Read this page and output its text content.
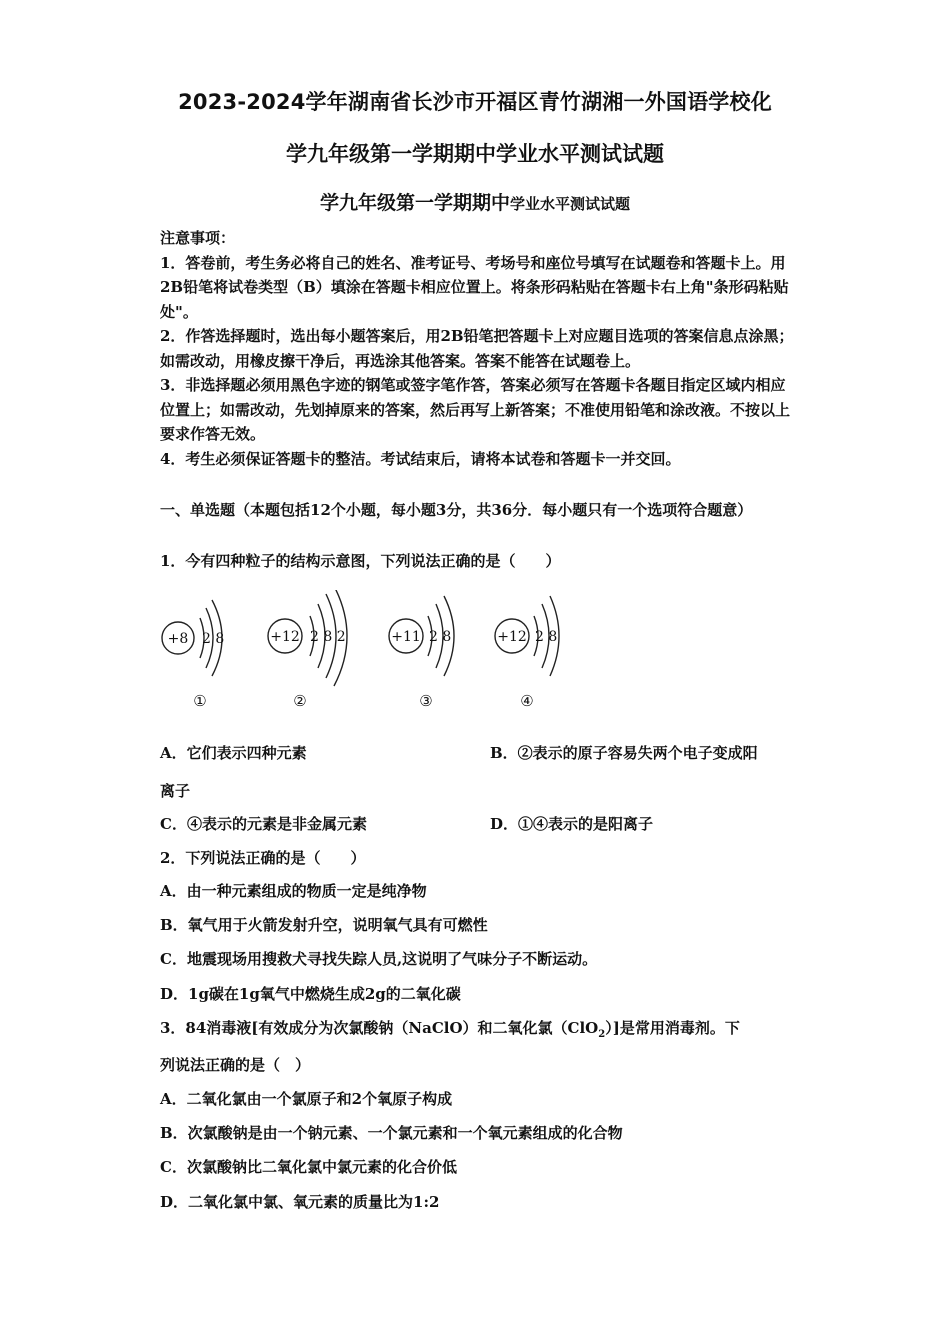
2023-2024学年湖南省长沙市开福区青竹湖湘一外国语学校化
学九年级第一学期期中学业水平测试试题
学九年级第一学期期中学业水平测试试题
注意事项：
1．答卷前，考生务必将自己的姓名、准考证号、考场号和座位号填写在试题卷和答题卡上。用2B铅笔将试卷类型（B）填涂在答题卡相应位置上。将条形码粘贴在答题卡右上角"条形码粘贴处"。
2．作答选择题时，选出每小题答案后，用2B铅笔把答题卡上对应题目选项的答案信息点涂黑；如需改动，用橡皮擦干净后，再选涂其他答案。答案不能答在试题卷上。
3．非选择题必须用黑色字迹的钢笔或签字笔作答，答案必须写在答题卡各题目指定区域内相应位置上；如需改动，先划掉原来的答案，然后再写上新答案；不准使用铅笔和涂改液。不按以上要求作答无效。
4．考生必须保证答题卡的整洁。考试结束后，请将本试卷和答题卡一并交回。
一、单选题（本题包括12个小题，每小题3分，共36分．每小题只有一个选项符合题意）
1．今有四种粒子的结构示意图，下列说法正确的是（　　）
+8	+12	+11	+12
2 8	2 8 2	2 8	2 8
①	②	③	④
A．它们表示四种元素	B．②表示的原子容易失两个电子变成阳
离子
C．④表示的元素是非金属元素	D．①④表示的是阳离子
2．下列说法正确的是（　　）
A．由一种元素组成的物质一定是纯净物
B．氧气用于火箭发射升空，说明氧气具有可燃性
C．地震现场用搜救犬寻找失踪人员,这说明了气味分子不断运动。
D．1g碳在1g氧气中燃烧生成2g的二氧化碳
3．84消毒液[有效成分为次氯酸钠（NaClO）和二氧化氯（ClO$_2$）]是常用消毒剂。下
列说法正确的是（　）
A．二氧化氯由一个氯原子和2个氧原子构成
B．次氯酸钠是由一个钠元素、一个氯元素和一个氧元素组成的化合物
C．次氯酸钠比二氧化氯中氯元素的化合价低
D．二氧化氯中氯、氧元素的质量比为1:2
